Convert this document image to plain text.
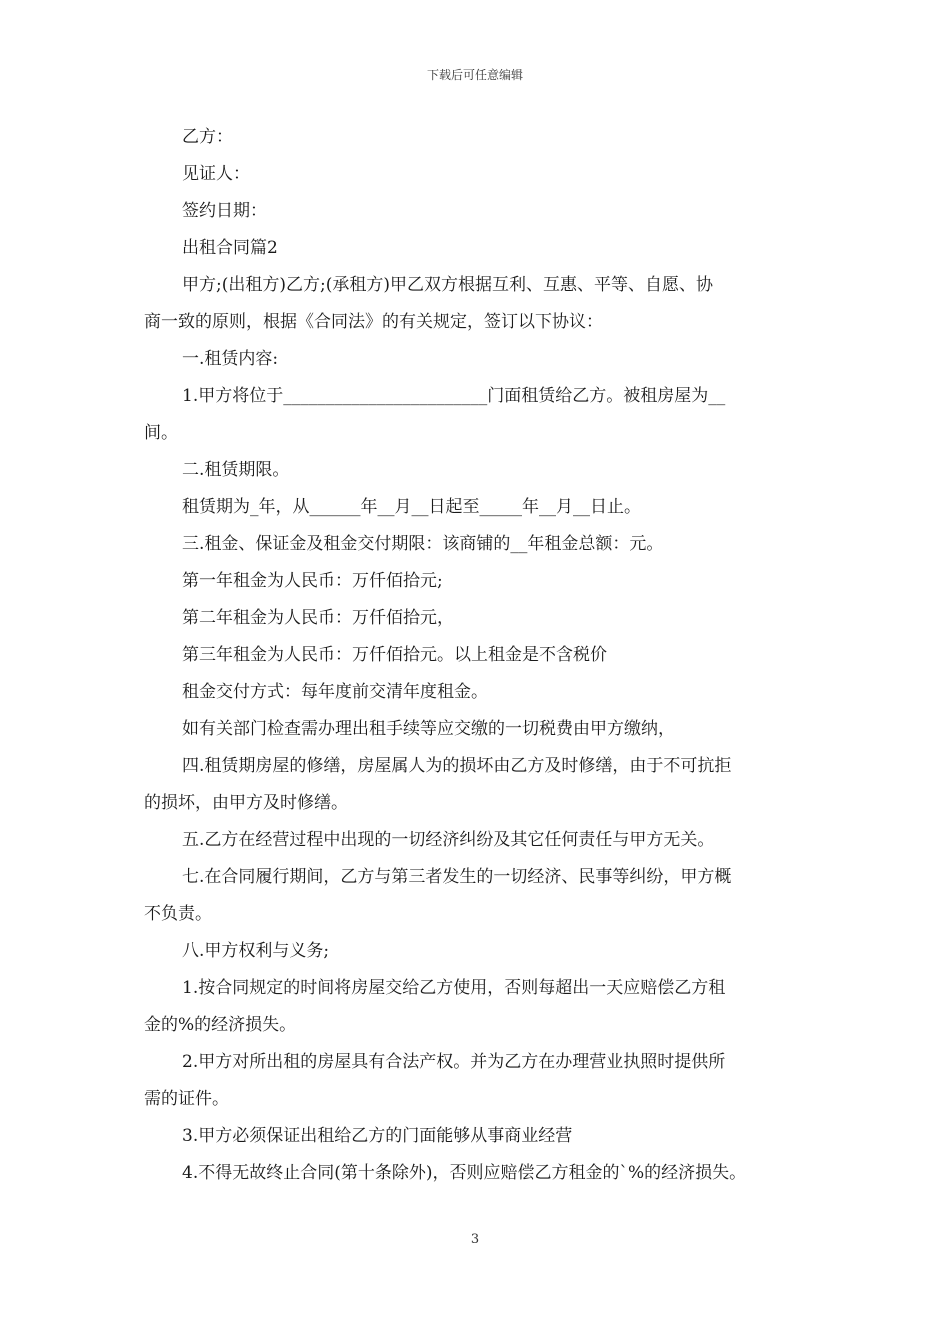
下载后可任意编辑
乙方：
见证人：
签约日期：
出租合同篇2
甲方;(出租方)乙方;(承租方)甲乙双方根据互利、互惠、平等、自愿、协
商一致的原则，根据《合同法》的有关规定，签订以下协议：
一.租赁内容:
1.甲方将位于________________________门面租赁给乙方。被租房屋为__
间。
二.租赁期限。
租赁期为_年，从______年__月__日起至_____年__月__日止。
三.租金、保证金及租金交付期限：该商铺的__年租金总额：元。
第一年租金为人民币：万仟佰拾元;
第二年租金为人民币：万仟佰拾元，
第三年租金为人民币：万仟佰拾元。以上租金是不含税价
租金交付方式：每年度前交清年度租金。
如有关部门检查需办理出租手续等应交缴的一切税费由甲方缴纳，
四.租赁期房屋的修缮，房屋属人为的损坏由乙方及时修缮，由于不可抗拒
的损坏，由甲方及时修缮。
五.乙方在经营过程中出现的一切经济纠纷及其它任何责任与甲方无关。
七.在合同履行期间，乙方与第三者发生的一切经济、民事等纠纷，甲方概
不负责。
八.甲方权利与义务;
1.按合同规定的时间将房屋交给乙方使用，否则每超出一天应赔偿乙方租
金的%的经济损失。
2.甲方对所出租的房屋具有合法产权。并为乙方在办理营业执照时提供所
需的证件。
3.甲方必须保证出租给乙方的门面能够从事商业经营
4.不得无故终止合同(第十条除外)，否则应赔偿乙方租金的`%的经济损失。
3
